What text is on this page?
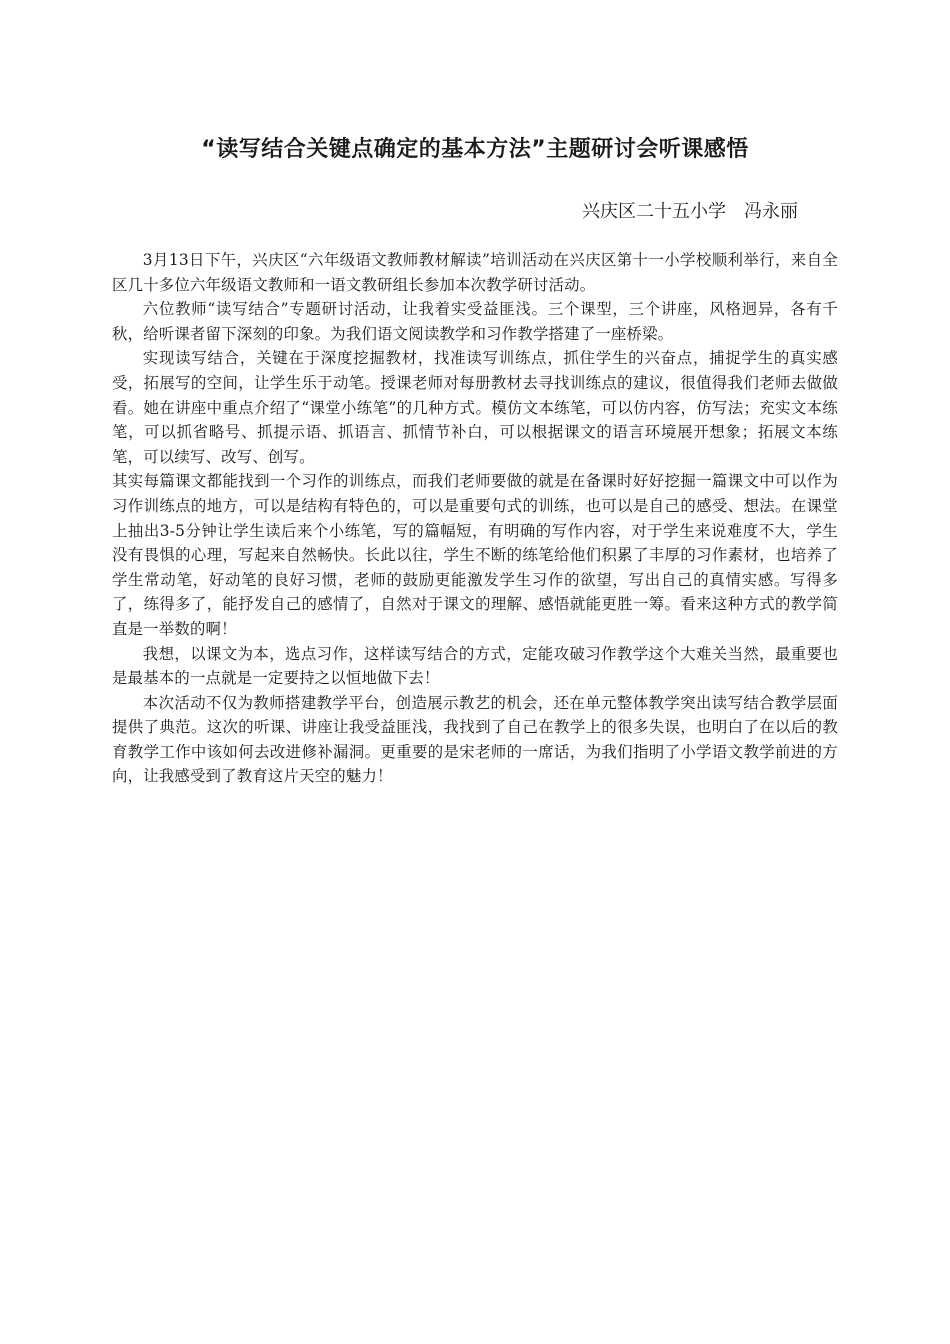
“读写结合关键点确定的基本方法”主题研讨会听课感悟

兴庆区二十五小学　冯永丽

3月13日下午，兴庆区“六年级语文教师教材解读”培训活动在兴庆区第十一小学校顺利举行，来自全区几十多位六年级语文教师和一语文教研组长参加本次教学研讨活动。

六位教师“读写结合”专题研讨活动，让我着实受益匪浅。三个课型，三个讲座，风格迥异，各有千秋，给听课者留下深刻的印象。为我们语文阅读教学和习作教学搭建了一座桥梁。

实现读写结合，关键在于深度挖掘教材，找准读写训练点，抓住学生的兴奋点，捕捉学生的真实感受，拓展写的空间，让学生乐于动笔。授课老师对每册教材去寻找训练点的建议，很值得我们老师去做做看。她在讲座中重点介绍了“课堂小练笔”的几种方式。模仿文本练笔，可以仿内容，仿写法；充实文本练笔，可以抓省略号、抓提示语、抓语言、抓情节补白，可以根据课文的语言环境展开想象；拓展文本练笔，可以续写、改写、创写。

其实每篇课文都能找到一个习作的训练点，而我们老师要做的就是在备课时好好挖掘一篇课文中可以作为习作训练点的地方，可以是结构有特色的，可以是重要句式的训练，也可以是自己的感受、想法。在课堂上抽出3-5分钟让学生读后来个小练笔，写的篇幅短，有明确的写作内容，对于学生来说难度不大，学生没有畏惧的心理，写起来自然畅快。长此以往，学生不断的练笔给他们积累了丰厚的习作素材，也培养了学生常动笔，好动笔的良好习惯，老师的鼓励更能激发学生习作的欲望，写出自己的真情实感。写得多了，练得多了，能抒发自己的感情了，自然对于课文的理解、感悟就能更胜一筹。看来这种方式的教学简直是一举数的啊！

我想，以课文为本，选点习作，这样读写结合的方式，定能攻破习作教学这个大难关当然，最重要也是最基本的一点就是一定要持之以恒地做下去！

本次活动不仅为教师搭建教学平台，创造展示教艺的机会，还在单元整体教学突出读写结合教学层面提供了典范。这次的听课、讲座让我受益匪浅，我找到了自己在教学上的很多失误，也明白了在以后的教育教学工作中该如何去改进修补漏洞。更重要的是宋老师的一席话，为我们指明了小学语文教学前进的方向，让我感受到了教育这片天空的魅力！
